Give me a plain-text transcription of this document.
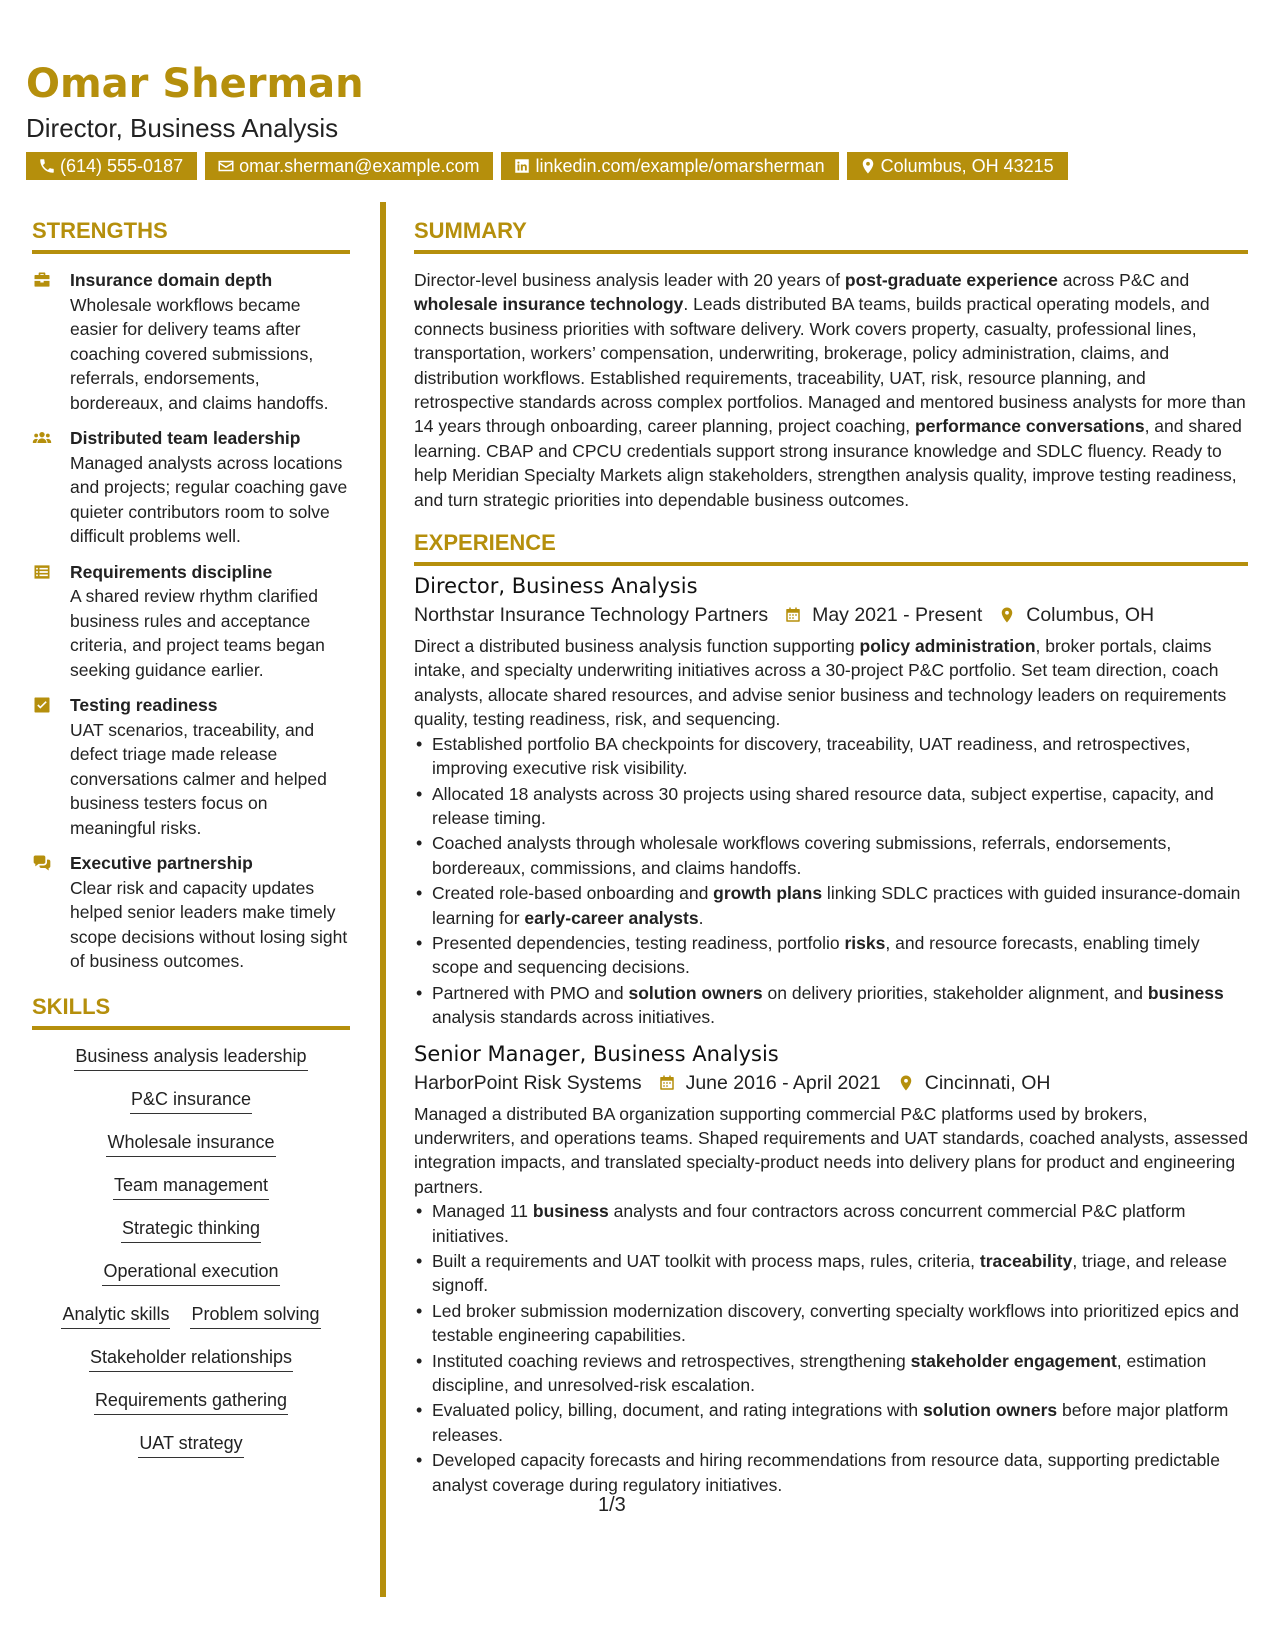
Omar Sherman
Director, Business Analysis
(614) 555-0187	omar.sherman@example.com	linkedin.com/example/omarsherman	Columbus, OH 43215
STRENGTHS
Insurance domain depth
Wholesale workflows became easier for delivery teams after coaching covered submissions, referrals, endorsements, bordereaux, and claims handoffs.
Distributed team leadership
Managed analysts across locations and projects; regular coaching gave quieter contributors room to solve difficult problems well.
Requirements discipline
A shared review rhythm clarified business rules and acceptance criteria, and project teams began seeking guidance earlier.
Testing readiness
UAT scenarios, traceability, and defect triage made release conversations calmer and helped business testers focus on meaningful risks.
Executive partnership
Clear risk and capacity updates helped senior leaders make timely scope decisions without losing sight of business outcomes.
SKILLS
Business analysis leadership
P&C insurance
Wholesale insurance
Team management
Strategic thinking
Operational execution
Analytic skills Problem solving
Stakeholder relationships
Requirements gathering
UAT strategy
SUMMARY
Director-level business analysis leader with 20 years of post-graduate experience across P&C and wholesale insurance technology. Leads distributed BA teams, builds practical operating models, and connects business priorities with software delivery. Work covers property, casualty, professional lines, transportation, workers’ compensation, underwriting, brokerage, policy administration, claims, and distribution workflows. Established requirements, traceability, UAT, risk, resource planning, and retrospective standards across complex portfolios. Managed and mentored business analysts for more than 14 years through onboarding, career planning, project coaching, performance conversations, and shared learning. CBAP and CPCU credentials support strong insurance knowledge and SDLC fluency. Ready to help Meridian Specialty Markets align stakeholders, strengthen analysis quality, improve testing readiness, and turn strategic priorities into dependable business outcomes.
EXPERIENCE
Director, Business Analysis
Northstar Insurance Technology Partners May 2021 - Present Columbus, OH
Direct a distributed business analysis function supporting policy administration, broker portals, claims intake, and specialty underwriting initiatives across a 30-project P&C portfolio. Set team direction, coach analysts, allocate shared resources, and advise senior business and technology leaders on requirements quality, testing readiness, risk, and sequencing.
• Established portfolio BA checkpoints for discovery, traceability, UAT readiness, and retrospectives, improving executive risk visibility.
• Allocated 18 analysts across 30 projects using shared resource data, subject expertise, capacity, and release timing.
• Coached analysts through wholesale workflows covering submissions, referrals, endorsements, bordereaux, commissions, and claims handoffs.
• Created role-based onboarding and growth plans linking SDLC practices with guided insurance-domain learning for early-career analysts.
• Presented dependencies, testing readiness, portfolio risks, and resource forecasts, enabling timely scope and sequencing decisions.
• Partnered with PMO and solution owners on delivery priorities, stakeholder alignment, and business analysis standards across initiatives.
Senior Manager, Business Analysis
HarborPoint Risk Systems June 2016 - April 2021 Cincinnati, OH
Managed a distributed BA organization supporting commercial P&C platforms used by brokers, underwriters, and operations teams. Shaped requirements and UAT standards, coached analysts, assessed integration impacts, and translated specialty-product needs into delivery plans for product and engineering partners.
• Managed 11 business analysts and four contractors across concurrent commercial P&C platform initiatives.
• Built a requirements and UAT toolkit with process maps, rules, criteria, traceability, triage, and release signoff.
• Led broker submission modernization discovery, converting specialty workflows into prioritized epics and testable engineering capabilities.
• Instituted coaching reviews and retrospectives, strengthening stakeholder engagement, estimation discipline, and unresolved-risk escalation.
• Evaluated policy, billing, document, and rating integrations with solution owners before major platform releases.
• Developed capacity forecasts and hiring recommendations from resource data, supporting predictable analyst coverage during regulatory initiatives.
1/3
